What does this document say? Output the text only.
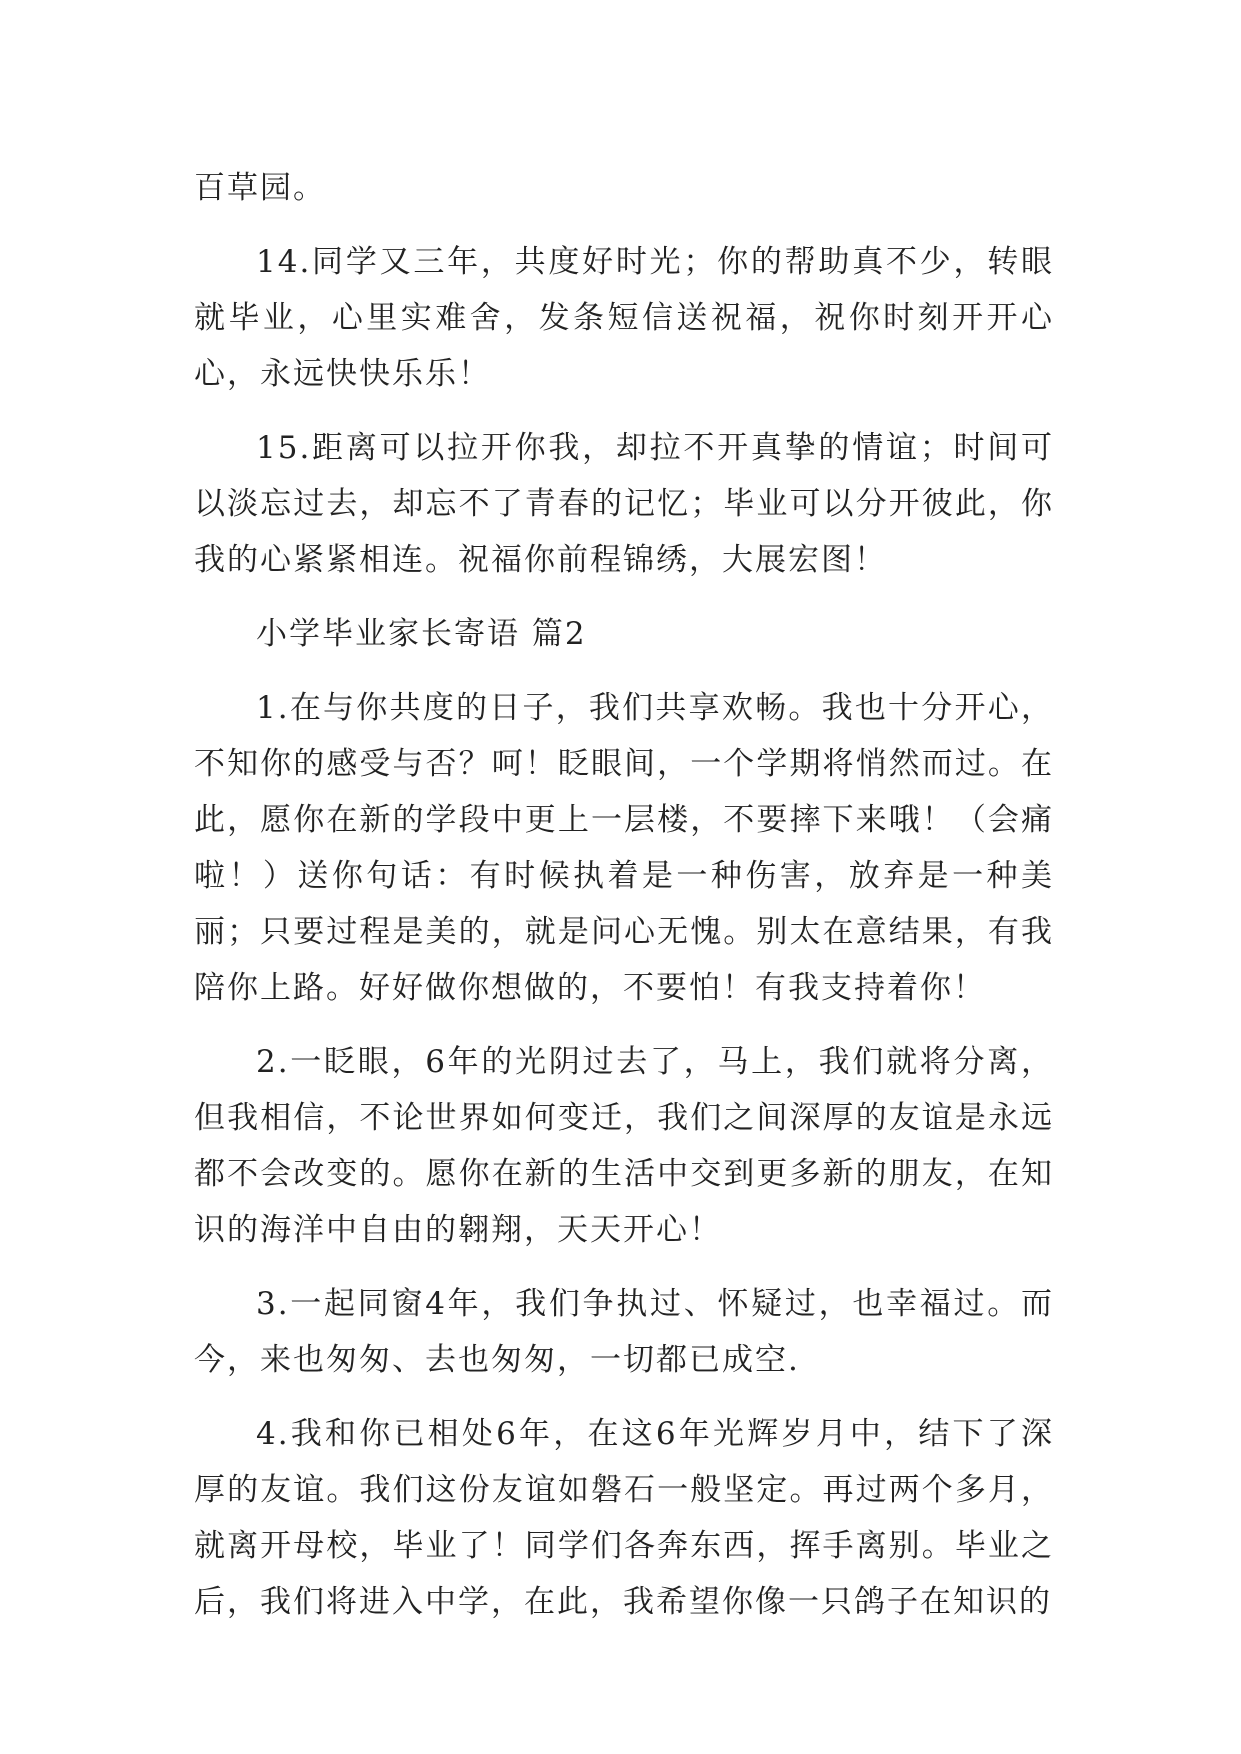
百草园。

14.同学又三年，共度好时光；你的帮助真不少，转眼就毕业，心里实难舍，发条短信送祝福，祝你时刻开开心心，永远快快乐乐！

15.距离可以拉开你我，却拉不开真挚的情谊；时间可以淡忘过去，却忘不了青春的记忆；毕业可以分开彼此，你我的心紧紧相连。祝福你前程锦绣，大展宏图！

小学毕业家长寄语 篇2

1.在与你共度的日子，我们共享欢畅。我也十分开心，不知你的感受与否？呵！眨眼间，一个学期将悄然而过。在此，愿你在新的学段中更上一层楼，不要摔下来哦！（会痛啦！）送你句话：有时候执着是一种伤害，放弃是一种美丽；只要过程是美的，就是问心无愧。别太在意结果，有我陪你上路。好好做你想做的，不要怕！有我支持着你！

2.一眨眼，6年的光阴过去了，马上，我们就将分离，但我相信，不论世界如何变迁，我们之间深厚的友谊是永远都不会改变的。愿你在新的生活中交到更多新的朋友，在知识的海洋中自由的翱翔，天天开心！

3.一起同窗4年，我们争执过、怀疑过，也幸福过。而今，来也匆匆、去也匆匆，一切都已成空.

4.我和你已相处6年，在这6年光辉岁月中，结下了深厚的友谊。我们这份友谊如磐石一般坚定。再过两个多月，就离开母校，毕业了！同学们各奔东西，挥手离别。毕业之后，我们将进入中学，在此，我希望你像一只鸽子在知识的
